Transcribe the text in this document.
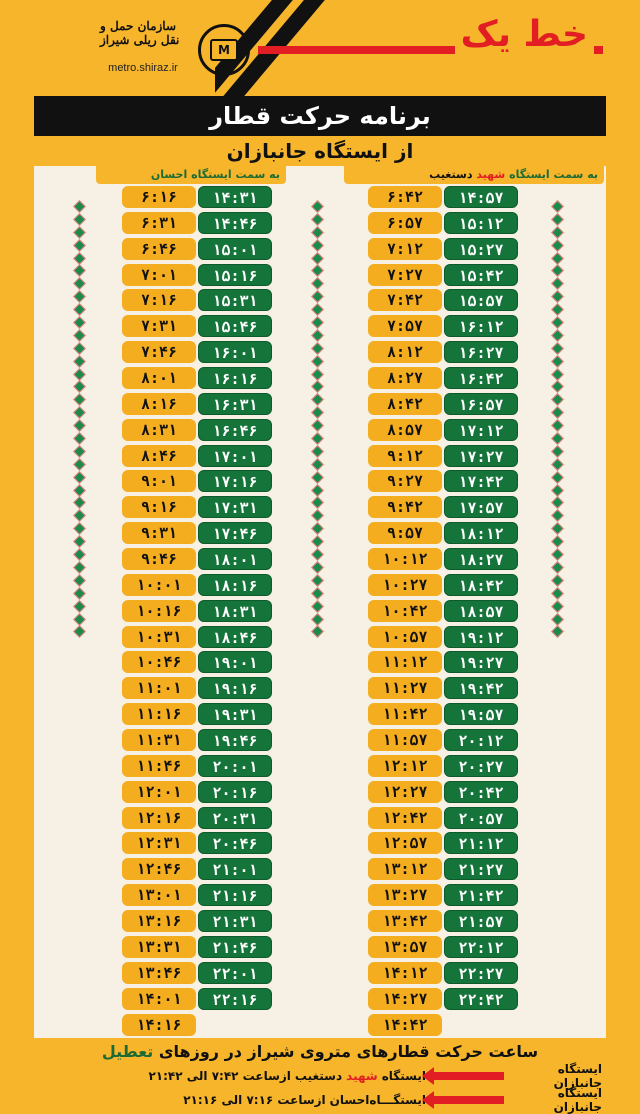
سازمان حمل و نقل ریلی شیراز
metro.shiraz.ir
M	خط یک
برنامه حرکت قطار
از ایستگاه جانبازان
به سمت ایستگاه شهید دستغیب
به سمت ایستگاه احسان
۶:۱۶
۶:۳۱
۶:۴۶
۷:۰۱
۷:۱۶
۷:۳۱
۷:۴۶
۸:۰۱
۸:۱۶
۸:۳۱
۸:۴۶
۹:۰۱
۹:۱۶
۹:۳۱
۹:۴۶
۱۰:۰۱
۱۰:۱۶
۱۰:۳۱
۱۰:۴۶
۱۱:۰۱
۱۱:۱۶
۱۱:۳۱
۱۱:۴۶
۱۲:۰۱
۱۲:۱۶
۱۲:۳۱
۱۲:۴۶
۱۳:۰۱
۱۳:۱۶
۱۳:۳۱
۱۳:۴۶
۱۴:۰۱
۱۴:۱۶
۱۴:۳۱
۱۴:۴۶
۱۵:۰۱
۱۵:۱۶
۱۵:۳۱
۱۵:۴۶
۱۶:۰۱
۱۶:۱۶
۱۶:۳۱
۱۶:۴۶
۱۷:۰۱
۱۷:۱۶
۱۷:۳۱
۱۷:۴۶
۱۸:۰۱
۱۸:۱۶
۱۸:۳۱
۱۸:۴۶
۱۹:۰۱
۱۹:۱۶
۱۹:۳۱
۱۹:۴۶
۲۰:۰۱
۲۰:۱۶
۲۰:۳۱
۲۰:۴۶
۲۱:۰۱
۲۱:۱۶
۲۱:۳۱
۲۱:۴۶
۲۲:۰۱
۲۲:۱۶
۶:۴۲
۶:۵۷
۷:۱۲
۷:۲۷
۷:۴۲
۷:۵۷
۸:۱۲
۸:۲۷
۸:۴۲
۸:۵۷
۹:۱۲
۹:۲۷
۹:۴۲
۹:۵۷
۱۰:۱۲
۱۰:۲۷
۱۰:۴۲
۱۰:۵۷
۱۱:۱۲
۱۱:۲۷
۱۱:۴۲
۱۱:۵۷
۱۲:۱۲
۱۲:۲۷
۱۲:۴۲
۱۲:۵۷
۱۳:۱۲
۱۳:۲۷
۱۳:۴۲
۱۳:۵۷
۱۴:۱۲
۱۴:۲۷
۱۴:۴۲
۱۴:۵۷
۱۵:۱۲
۱۵:۲۷
۱۵:۴۲
۱۵:۵۷
۱۶:۱۲
۱۶:۲۷
۱۶:۴۲
۱۶:۵۷
۱۷:۱۲
۱۷:۲۷
۱۷:۴۲
۱۷:۵۷
۱۸:۱۲
۱۸:۲۷
۱۸:۴۲
۱۸:۵۷
۱۹:۱۲
۱۹:۲۷
۱۹:۴۲
۱۹:۵۷
۲۰:۱۲
۲۰:۲۷
۲۰:۴۲
۲۰:۵۷
۲۱:۱۲
۲۱:۲۷
۲۱:۴۲
۲۱:۵۷
۲۲:۱۲
۲۲:۲۷
۲۲:۴۲
ساعت حرکت قطارهای متروی شیراز در روزهای تعطیل
ایستگاه جانبازان
ایستگاه
شهید
دستغیب
ازساعت ۷:۴۲ الی ۲۱:۴۲
ایستگاه جانبازان
ایستگـــاه
احسان
ازساعت ۷:۱۶ الی ۲۱:۱۶
